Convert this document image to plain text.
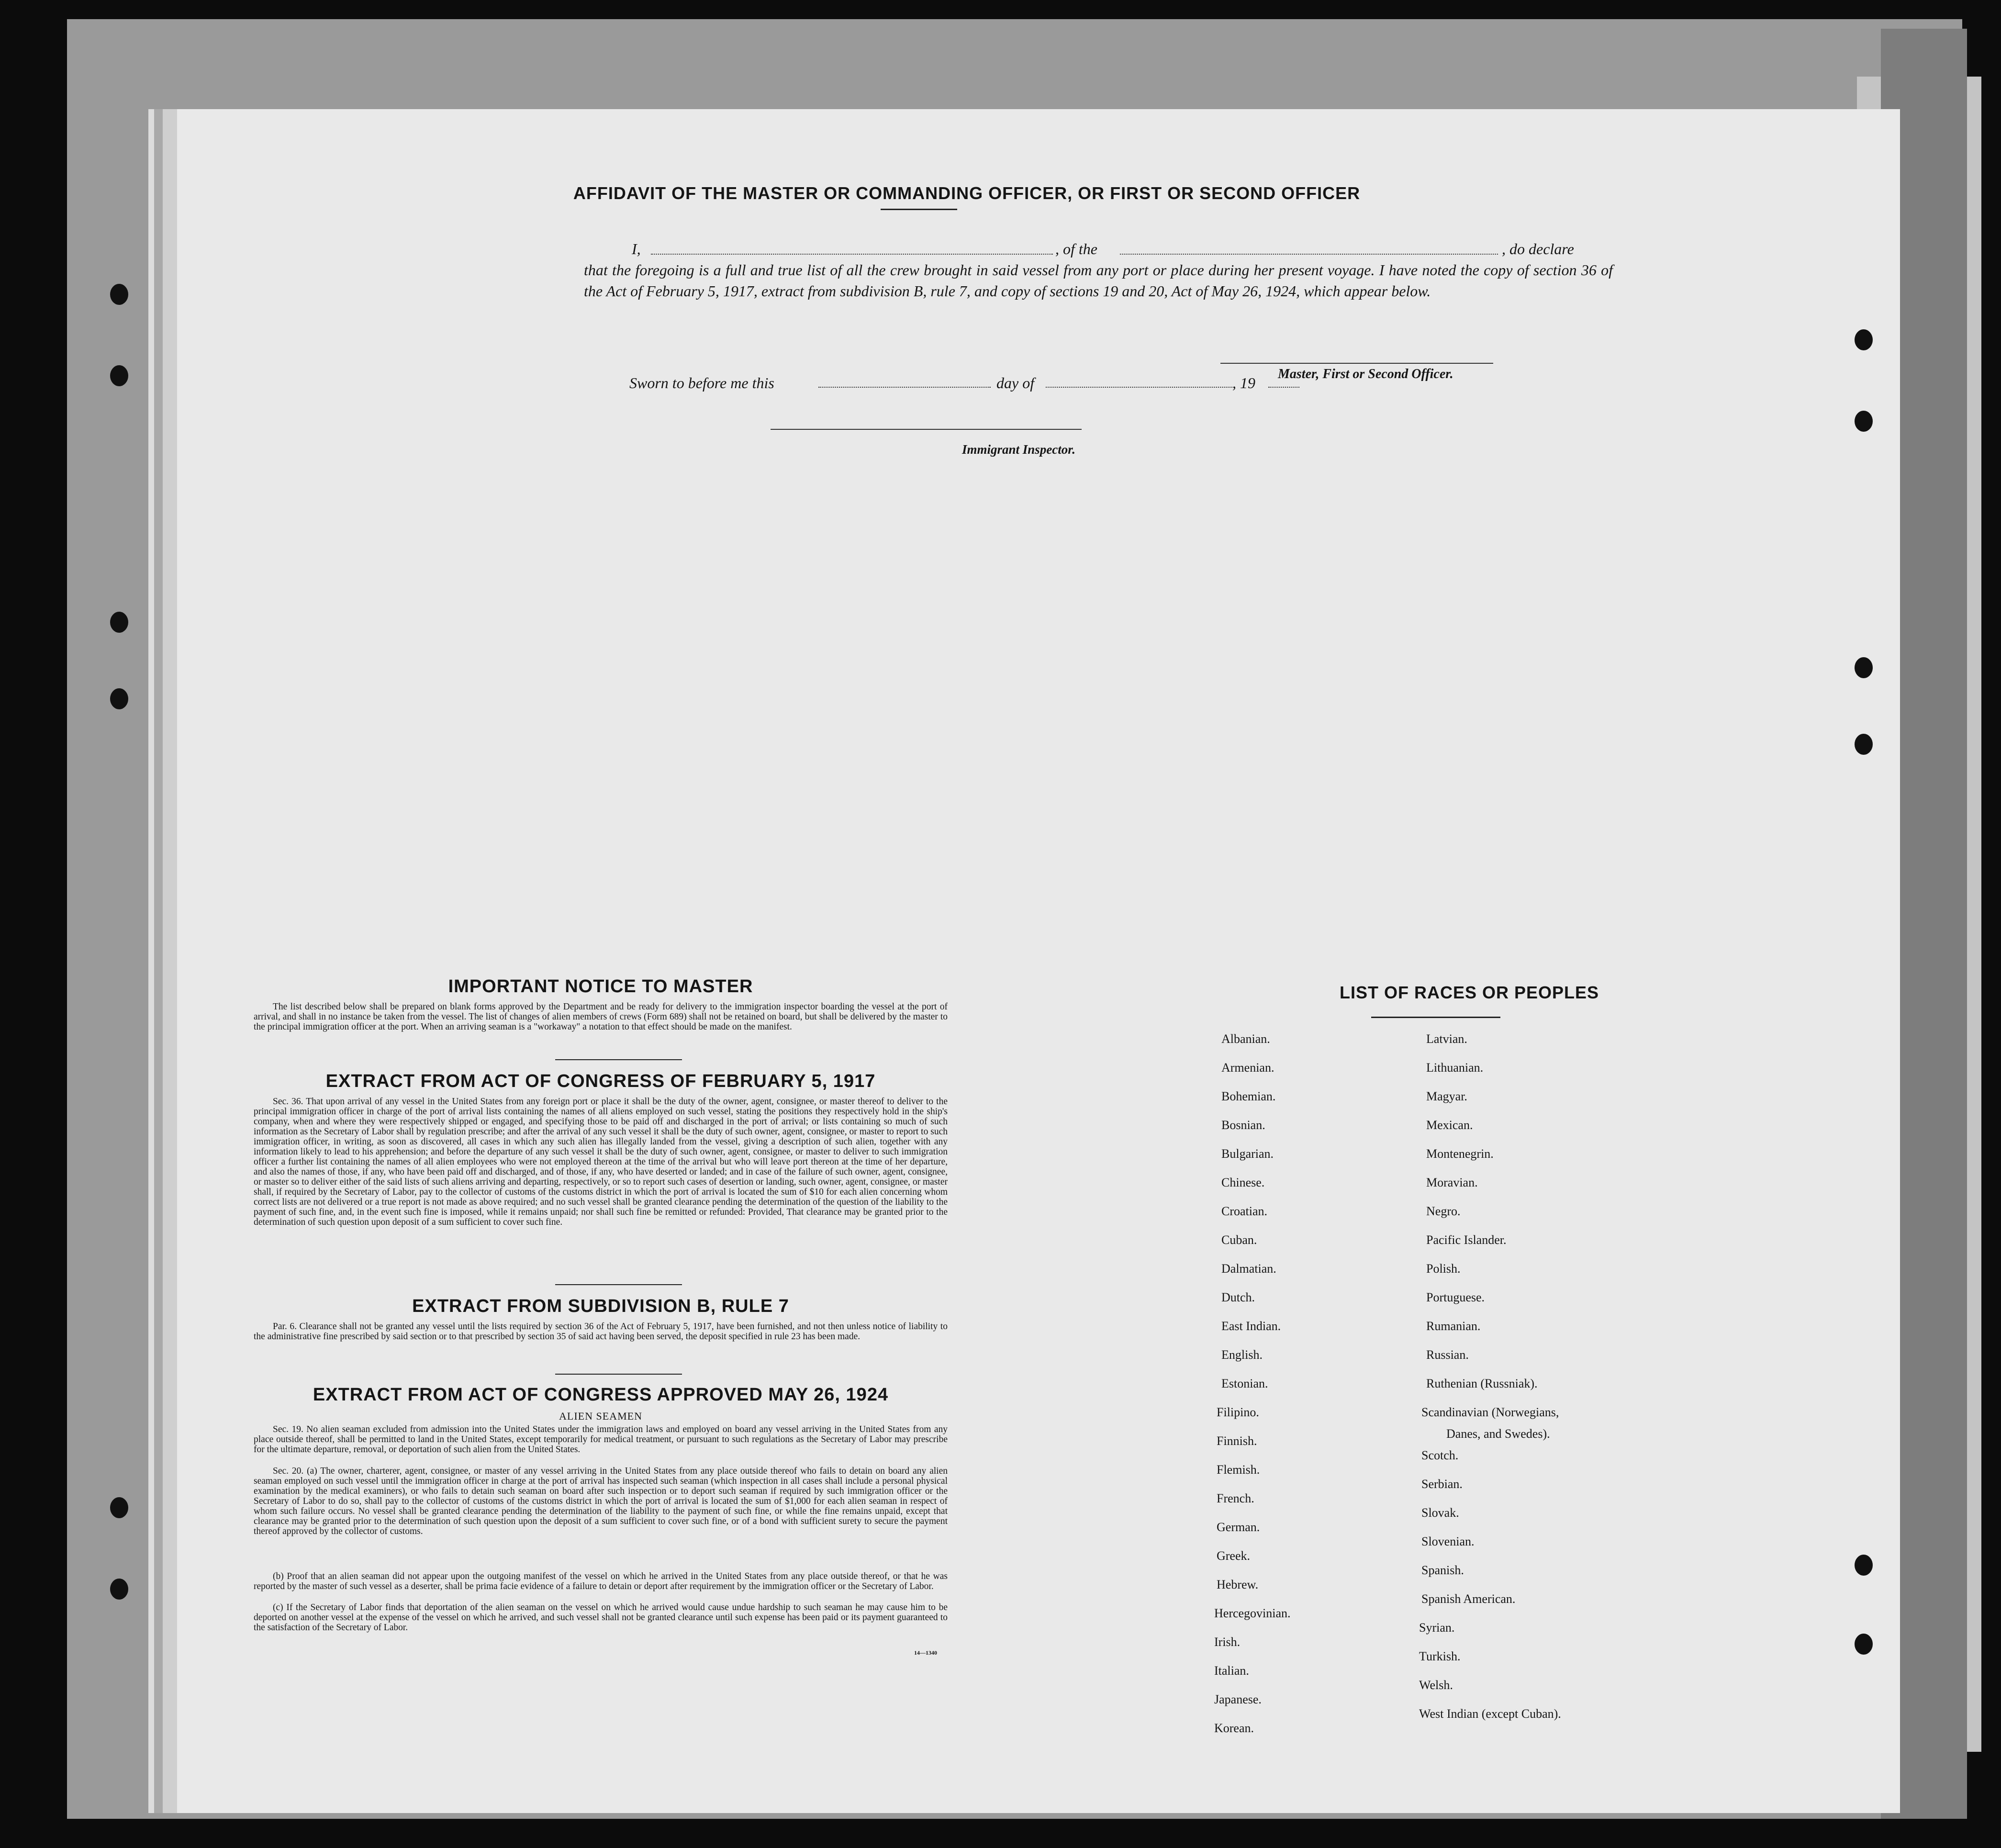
AFFIDAVIT OF THE MASTER OR COMMANDING OFFICER, OR FIRST OR SECOND OFFICER
I,	, of the	, do declare
that the foregoing is a full and true list of all the crew brought in said vessel from any port or place during her present voyage. I have noted the copy of section 36 of the Act of February 5, 1917, extract from subdivision B, rule 7, and copy of sections 19 and 20, Act of May 26, 1924, which appear below.
Master, First or Second Officer.
Sworn to before me this	day of	, 19
Immigrant Inspector.
IMPORTANT NOTICE TO MASTER
The list described below shall be prepared on blank forms approved by the Department and be ready for delivery to the immigration inspector boarding the vessel at the port of arrival, and shall in no instance be taken from the vessel. The list of changes of alien members of crews (Form 689) shall not be retained on board, but shall be delivered by the master to the principal immigration officer at the port. When an arriving seaman is a "workaway" a notation to that effect should be made on the manifest.
EXTRACT FROM ACT OF CONGRESS OF FEBRUARY 5, 1917
Sec. 36. That upon arrival of any vessel in the United States from any foreign port or place it shall be the duty of the owner, agent, consignee, or master thereof to deliver to the principal immigration officer in charge of the port of arrival lists containing the names of all aliens employed on such vessel, stating the positions they respectively hold in the ship's company, when and where they were respectively shipped or engaged, and specifying those to be paid off and discharged in the port of arrival; or lists containing so much of such information as the Secretary of Labor shall by regulation prescribe; and after the arrival of any such vessel it shall be the duty of such owner, agent, consignee, or master to report to such immigration officer, in writing, as soon as discovered, all cases in which any such alien has illegally landed from the vessel, giving a description of such alien, together with any information likely to lead to his apprehension; and before the departure of any such vessel it shall be the duty of such owner, agent, consignee, or master to deliver to such immigration officer a further list containing the names of all alien employees who were not employed thereon at the time of the arrival but who will leave port thereon at the time of her departure, and also the names of those, if any, who have been paid off and discharged, and of those, if any, who have deserted or landed; and in case of the failure of such owner, agent, consignee, or master so to deliver either of the said lists of such aliens arriving and departing, respectively, or so to report such cases of desertion or landing, such owner, agent, consignee, or master shall, if required by the Secretary of Labor, pay to the collector of customs of the customs district in which the port of arrival is located the sum of $10 for each alien concerning whom correct lists are not delivered or a true report is not made as above required; and no such vessel shall be granted clearance pending the determination of the question of the liability to the payment of such fine, and, in the event such fine is imposed, while it remains unpaid; nor shall such fine be remitted or refunded: Provided, That clearance may be granted prior to the determination of such question upon deposit of a sum sufficient to cover such fine.
EXTRACT FROM SUBDIVISION B, RULE 7
Par. 6. Clearance shall not be granted any vessel until the lists required by section 36 of the Act of February 5, 1917, have been furnished, and not then unless notice of liability to the administrative fine prescribed by said section or to that prescribed by section 35 of said act having been served, the deposit specified in rule 23 has been made.
EXTRACT FROM ACT OF CONGRESS APPROVED MAY 26, 1924
ALIEN SEAMEN
Sec. 19. No alien seaman excluded from admission into the United States under the immigration laws and employed on board any vessel arriving in the United States from any place outside thereof, shall be permitted to land in the United States, except temporarily for medical treatment, or pursuant to such regulations as the Secretary of Labor may prescribe for the ultimate departure, removal, or deportation of such alien from the United States.
Sec. 20. (a) The owner, charterer, agent, consignee, or master of any vessel arriving in the United States from any place outside thereof who fails to detain on board any alien seaman employed on such vessel until the immigration officer in charge at the port of arrival has inspected such seaman (which inspection in all cases shall include a personal physical examination by the medical examiners), or who fails to detain such seaman on board after such inspection or to deport such seaman if required by such immigration officer or the Secretary of Labor to do so, shall pay to the collector of customs of the customs district in which the port of arrival is located the sum of $1,000 for each alien seaman in respect of whom such failure occurs. No vessel shall be granted clearance pending the determination of the liability to the payment of such fine, or while the fine remains unpaid, except that clearance may be granted prior to the determination of such question upon the deposit of a sum sufficient to cover such fine, or of a bond with sufficient surety to secure the payment thereof approved by the collector of customs.
(b) Proof that an alien seaman did not appear upon the outgoing manifest of the vessel on which he arrived in the United States from any place outside thereof, or that he was reported by the master of such vessel as a deserter, shall be prima facie evidence of a failure to detain or deport after requirement by the immigration officer or the Secretary of Labor.
(c) If the Secretary of Labor finds that deportation of the alien seaman on the vessel on which he arrived would cause undue hardship to such seaman he may cause him to be deported on another vessel at the expense of the vessel on which he arrived, and such vessel shall not be granted clearance until such expense has been paid or its payment guaranteed to the satisfaction of the Secretary of Labor.
14—1340
LIST OF RACES OR PEOPLES
Albanian.
Armenian.
Bohemian.
Bosnian.
Bulgarian.
Chinese.
Croatian.
Cuban.
Dalmatian.
Dutch.
East Indian.
English.
Estonian.
Filipino.
Finnish.
Flemish.
French.
German.
Greek.
Hebrew.
Hercegovinian.
Irish.
Italian.
Japanese.
Korean.
Latvian.
Lithuanian.
Magyar.
Mexican.
Montenegrin.
Moravian.
Negro.
Pacific Islander.
Polish.
Portuguese.
Rumanian.
Russian.
Ruthenian (Russniak).
Scandinavian (Norwegians,
Scotch.
Serbian.
Slovak.
Slovenian.
Spanish.
Spanish American.
Syrian.
Turkish.
Welsh.
West Indian (except Cuban).
Danes, and Swedes).
